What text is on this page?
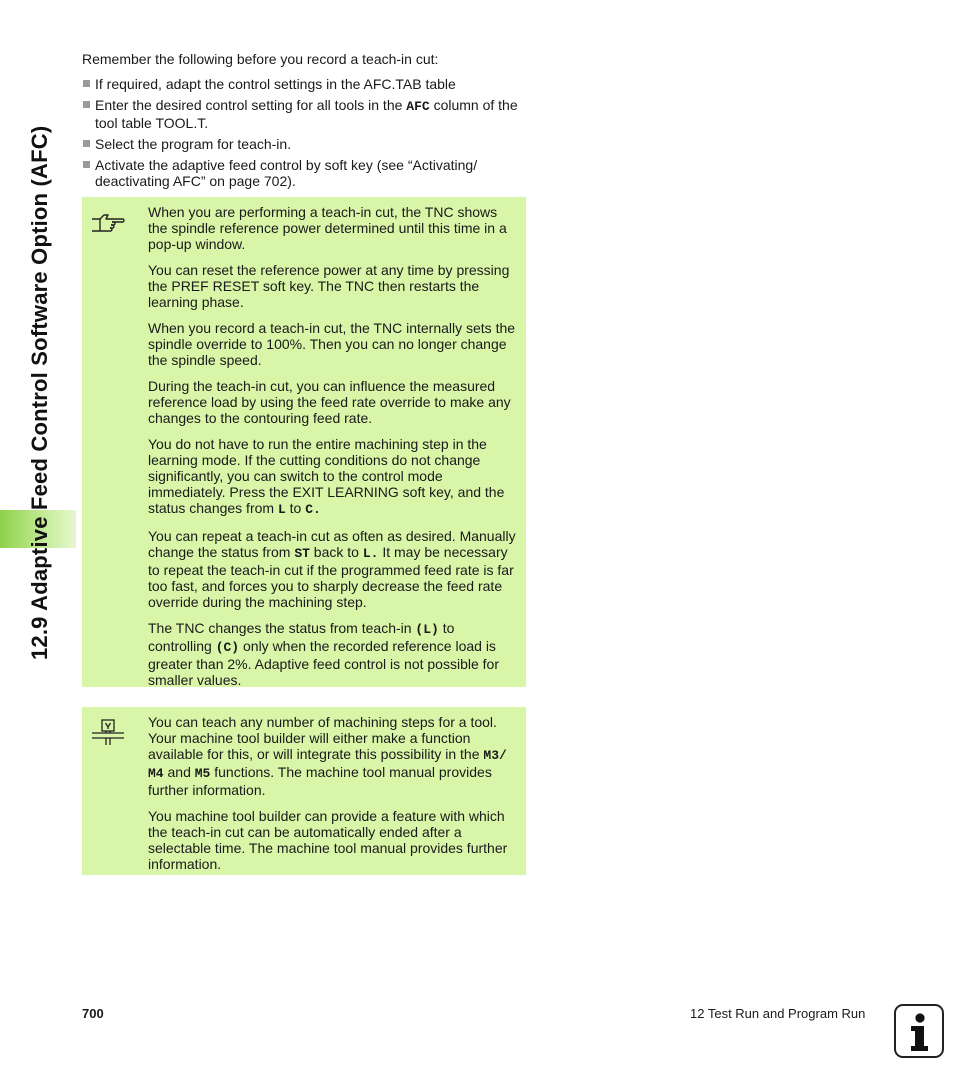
12.9 Adaptive Feed Control Software Option (AFC)
Remember the following before you record a teach-in cut:
If required, adapt the control settings in the AFC.TAB table
Enter the desired control setting for all tools in the AFC column of the tool table TOOL.T.
Select the program for teach-in.
Activate the adaptive feed control by soft key (see “Activating/ deactivating AFC” on page 702).

When you are performing a teach-in cut, the TNC shows the spindle reference power determined until this time in a pop-up window.

You can reset the reference power at any time by pressing the PREF RESET soft key. The TNC then restarts the learning phase.

When you record a teach-in cut, the TNC internally sets the spindle override to 100%. Then you can no longer change the spindle speed.

During the teach-in cut, you can influence the measured reference load by using the feed rate override to make any changes to the contouring feed rate.

You do not have to run the entire machining step in the learning mode. If the cutting conditions do not change significantly, you can switch to the control mode immediately. Press the EXIT LEARNING soft key, and the status changes from L to C.

You can repeat a teach-in cut as often as desired. Manually change the status from ST back to L. It may be necessary to repeat the teach-in cut if the programmed feed rate is far too fast, and forces you to sharply decrease the feed rate override during the machining step.

The TNC changes the status from teach-in (L) to controlling (C) only when the recorded reference load is greater than 2%. Adaptive feed control is not possible for smaller values.

You can teach any number of machining steps for a tool. Your machine tool builder will either make a function available for this, or will integrate this possibility in the M3/ M4 and M5 functions. The machine tool manual provides further information.

You machine tool builder can provide a feature with which the teach-in cut can be automatically ended after a selectable time. The machine tool manual provides further information.

700	12 Test Run and Program Run
